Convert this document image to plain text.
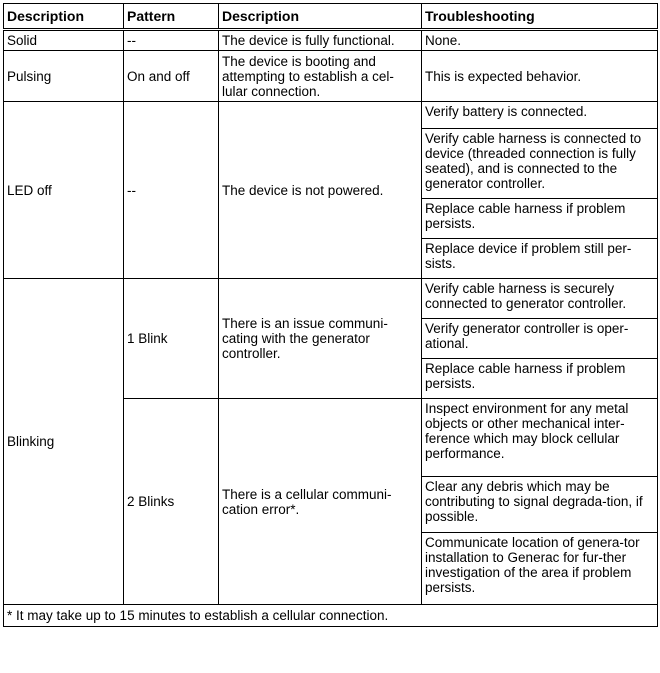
Description	Pattern	Description	Troubleshooting
Solid	--	The device is fully functional.	None.
Pulsing	On and off	The device is booting and attempting to establish a cel-lular connection.	This is expected behavior.
LED off	--	The device is not powered.	Verify battery is connected.
			Verify cable harness is connected to device (threaded connection is fully seated), and is connected to the generator controller.
			Replace cable harness if problem persists.
			Replace device if problem still per-sists.
Blinking	1 Blink	There is an issue communi-cating with the generator controller.	Verify cable harness is securely connected to generator controller.
			Verify generator controller is oper-ational.
			Replace cable harness if problem persists.
	2 Blinks	There is a cellular communi-cation error*.	Inspect environment for any metal objects or other mechanical inter-ference which may block cellular performance.
			Clear any debris which may be contributing to signal degrada-tion, if possible.
			Communicate location of genera-tor installation to Generac for fur-ther investigation of the area if problem persists.
* It may take up to 15 minutes to establish a cellular connection.			
